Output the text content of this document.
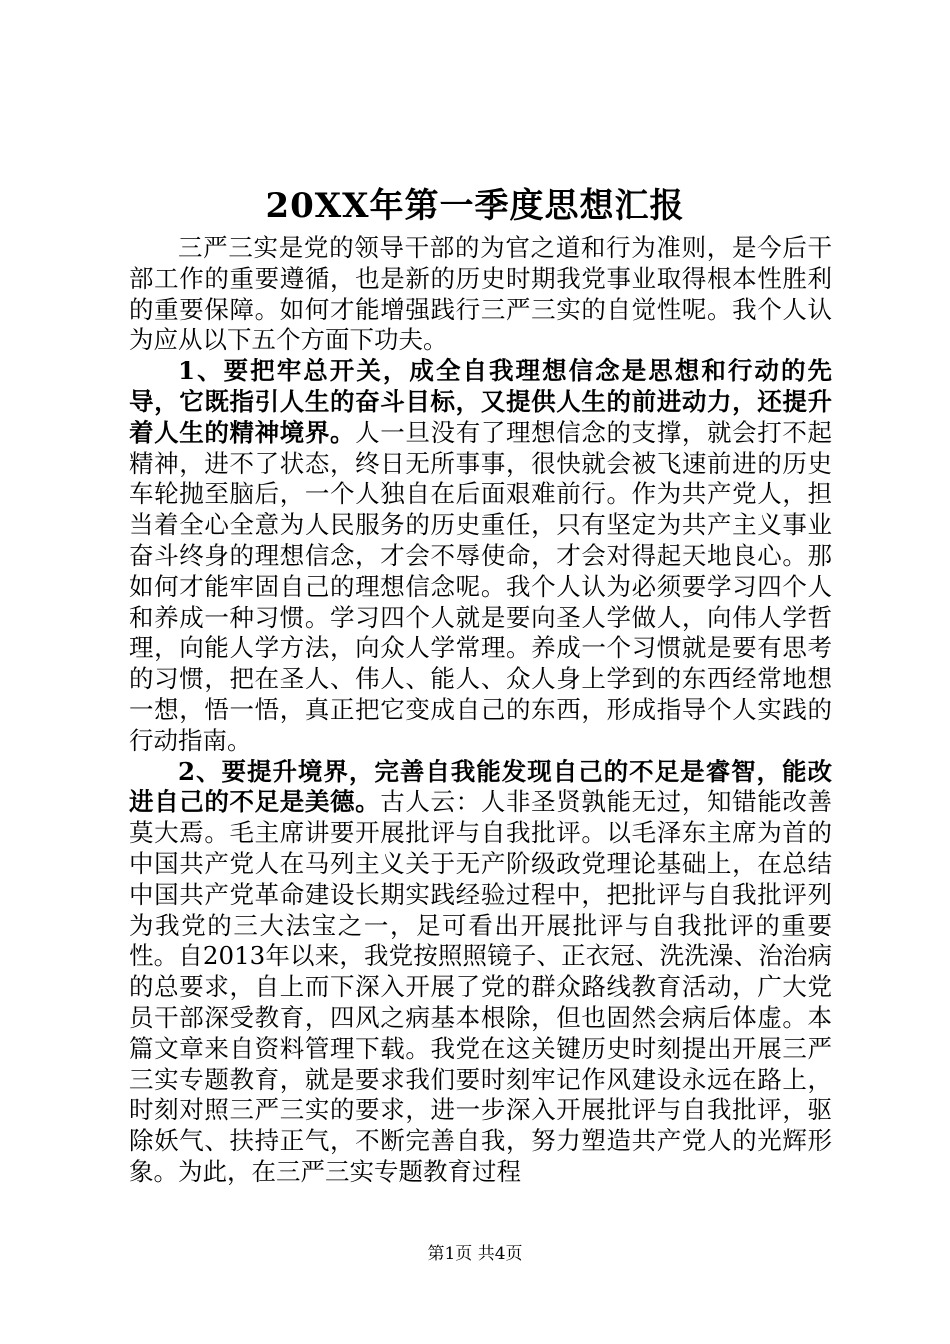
20XX年第一季度思想汇报

三严三实是党的领导干部的为官之道和行为准则，是今后干部工作的重要遵循，也是新的历史时期我党事业取得根本性胜利的重要保障。如何才能增强践行三严三实的自觉性呢。我个人认为应从以下五个方面下功夫。

1、要把牢总开关，成全自我理想信念是思想和行动的先导，它既指引人生的奋斗目标，又提供人生的前进动力，还提升着人生的精神境界。人一旦没有了理想信念的支撑，就会打不起精神，进不了状态，终日无所事事，很快就会被飞速前进的历史车轮抛至脑后，一个人独自在后面艰难前行。作为共产党人，担当着全心全意为人民服务的历史重任，只有坚定为共产主义事业奋斗终身的理想信念，才会不辱使命，才会对得起天地良心。那如何才能牢固自己的理想信念呢。我个人认为必须要学习四个人和养成一种习惯。学习四个人就是要向圣人学做人，向伟人学哲理，向能人学方法，向众人学常理。养成一个习惯就是要有思考的习惯，把在圣人、伟人、能人、众人身上学到的东西经常地想一想，悟一悟，真正把它变成自己的东西，形成指导个人实践的行动指南。

2、要提升境界，完善自我能发现自己的不足是睿智，能改进自己的不足是美德。古人云：人非圣贤孰能无过，知错能改善莫大焉。毛主席讲要开展批评与自我批评。以毛泽东主席为首的中国共产党人在马列主义关于无产阶级政党理论基础上，在总结中国共产党革命建设长期实践经验过程中，把批评与自我批评列为我党的三大法宝之一，足可看出开展批评与自我批评的重要性。自2013年以来，我党按照照镜子、正衣冠、洗洗澡、治治病的总要求，自上而下深入开展了党的群众路线教育活动，广大党员干部深受教育，四风之病基本根除，但也固然会病后体虚。本篇文章来自资料管理下载。我党在这关键历史时刻提出开展三严三实专题教育，就是要求我们要时刻牢记作风建设永远在路上，时刻对照三严三实的要求，进一步深入开展批评与自我批评，驱除妖气、扶持正气，不断完善自我，努力塑造共产党人的光辉形象。为此，在三严三实专题教育过程

第1页 共4页
